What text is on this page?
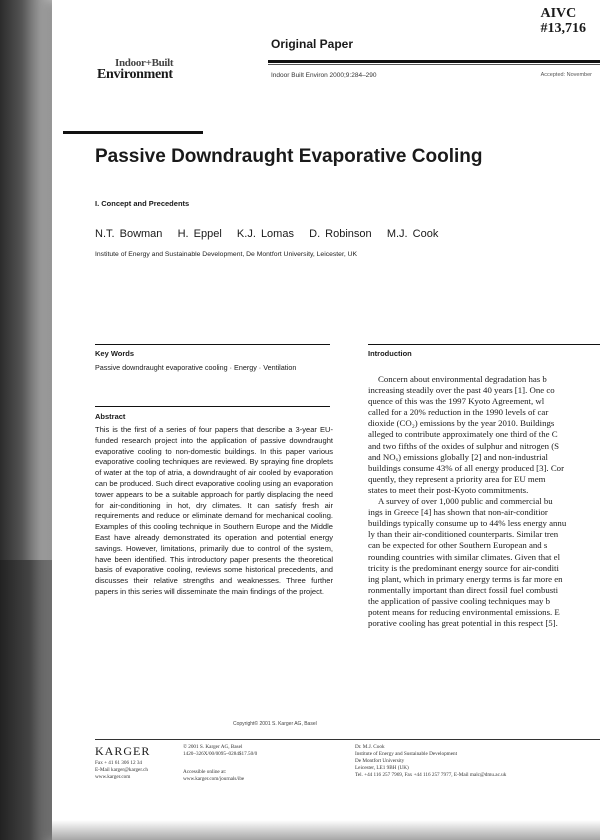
AIVC
#13,716
Original Paper
Indoor+Built
Environment	Indoor Built Environ 2000;9:284–290	Accepted: November
Passive Downdraught Evaporative Cooling
I. Concept and Precedents
N.T. Bowman   H. Eppel   K.J. Lomas   D. Robinson   M.J. Cook
Institute of Energy and Sustainable Development, De Montfort University, Leicester, UK
Key Words
Passive downdraught evaporative cooling · Energy · Ventilation
Abstract
This is the first of a series of four papers that describe a 3-year EU-funded research project into the application of passive downdraught evaporative cooling to non-domestic buildings. In this paper various evaporative cooling techniques are reviewed. By spraying fine droplets of water at the top of atria, a downdraught of air cooled by evaporation can be produced. Such direct evaporative cooling using an evaporation tower appears to be a suitable approach for partly displacing the need for air-conditioning in hot, dry climates. It can satisfy fresh air requirements and reduce or eliminate demand for mechanical cooling. Examples of this cooling technique in Southern Europe and the Middle East have already demonstrated its operation and potential energy savings. However, limitations, primarily due to control of the system, have been identified. This introductory paper presents the theoretical basis of evaporative cooling, reviews some historical precedents, and discusses their relative strengths and weaknesses. Three further papers in this series will disseminate the main findings of the project.
Copyright© 2001 S. Karger AG, Basel
Introduction
Concern about environmental degradation has b
increasing steadily over the past 40 years [1]. One co
quence of this was the 1997 Kyoto Agreement, wl
called for a 20% reduction in the 1990 levels of car
dioxide (CO₂) emissions by the year 2010. Buildings
alleged to contribute approximately one third of the C
and two fifths of the oxides of sulphur and nitrogen (S
and NOₓ) emissions globally [2] and non-industrial
buildings consume 43% of all energy produced [3]. Cor
quently, they represent a priority area for EU mem
states to meet their post-Kyoto commitments.
A survey of over 1,000 public and commercial bu
ings in Greece [4] has shown that non-air-conditior
buildings typically consume up to 44% less energy annu
ly than their air-conditioned counterparts. Similar tren
can be expected for other Southern European and s
rounding countries with similar climates. Given that el
tricity is the predominant energy source for air-conditi
ing plant, which in primary energy terms is far more en
ronmentally important than direct fossil fuel combusti
the application of passive cooling techniques may b
potent means for reducing environmental emissions. E
porative cooling has great potential in this respect [5].
KARGER
Fax + 41 61 306 12 34
E-Mail karger@karger.ch
www.karger.com
© 2001 S. Karger AG, Basel
1420–326X/00/0095–0284$17.50/0
Accessible online at:
www.karger.com/journals/ibe
Dr. M.J. Cook
Institute of Energy and Sustainable Development
De Montfort University
Leicester, LE1 9BH (UK)
Tel. +44 116 257 7969, Fax +44 116 257 7977, E-Mail malc@dmu.ac.uk
